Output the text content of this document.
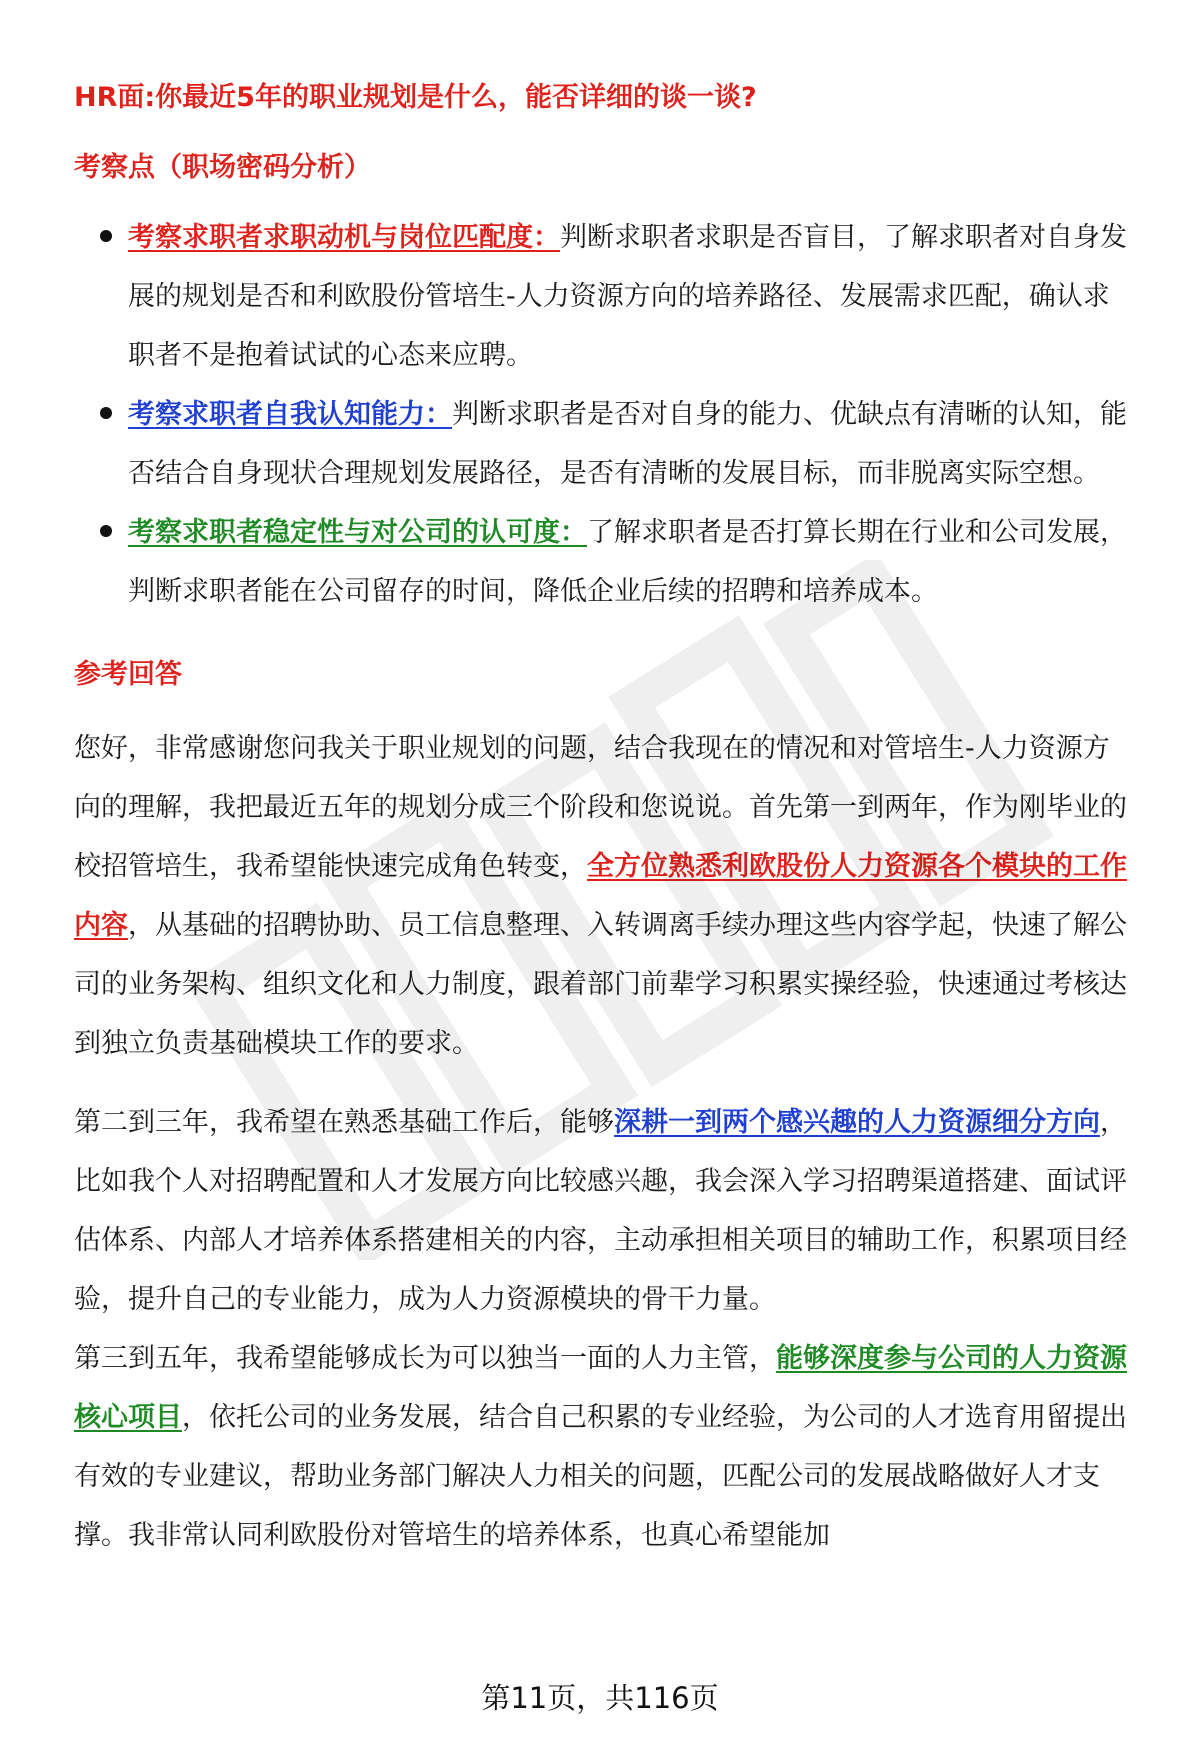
HR面:你最近5年的职业规划是什么，能否详细的谈一谈?

考察点（职场密码分析）

考察求职者求职动机与岗位匹配度：判断求职者求职是否盲目，了解求职者对自身发展的规划是否和利欧股份管培生-人力资源方向的培养路径、发展需求匹配，确认求职者不是抱着试试的心态来应聘。
考察求职者自我认知能力：判断求职者是否对自身的能力、优缺点有清晰的认知，能否结合自身现状合理规划发展路径，是否有清晰的发展目标，而非脱离实际空想。
考察求职者稳定性与对公司的认可度：了解求职者是否打算长期在行业和公司发展，判断求职者能在公司留存的时间，降低企业后续的招聘和培养成本。

参考回答

您好，非常感谢您问我关于职业规划的问题，结合我现在的情况和对管培生-人力资源方向的理解，我把最近五年的规划分成三个阶段和您说说。首先第一到两年，作为刚毕业的校招管培生，我希望能快速完成角色转变，全方位熟悉利欧股份人力资源各个模块的工作内容，从基础的招聘协助、员工信息整理、入转调离手续办理这些内容学起，快速了解公司的业务架构、组织文化和人力制度，跟着部门前辈学习积累实操经验，快速通过考核达到独立负责基础模块工作的要求。

第二到三年，我希望在熟悉基础工作后，能够深耕一到两个感兴趣的人力资源细分方向，比如我个人对招聘配置和人才发展方向比较感兴趣，我会深入学习招聘渠道搭建、面试评估体系、内部人才培养体系搭建相关的内容，主动承担相关项目的辅助工作，积累项目经验，提升自己的专业能力，成为人力资源模块的骨干力量。

第三到五年，我希望能够成长为可以独当一面的人力主管，能够深度参与公司的人力资源核心项目，依托公司的业务发展，结合自己积累的专业经验，为公司的人才选育用留提出有效的专业建议，帮助业务部门解决人力相关的问题，匹配公司的发展战略做好人才支撑。我非常认同利欧股份对管培生的培养体系，也真心希望能加

第11页，共116页
